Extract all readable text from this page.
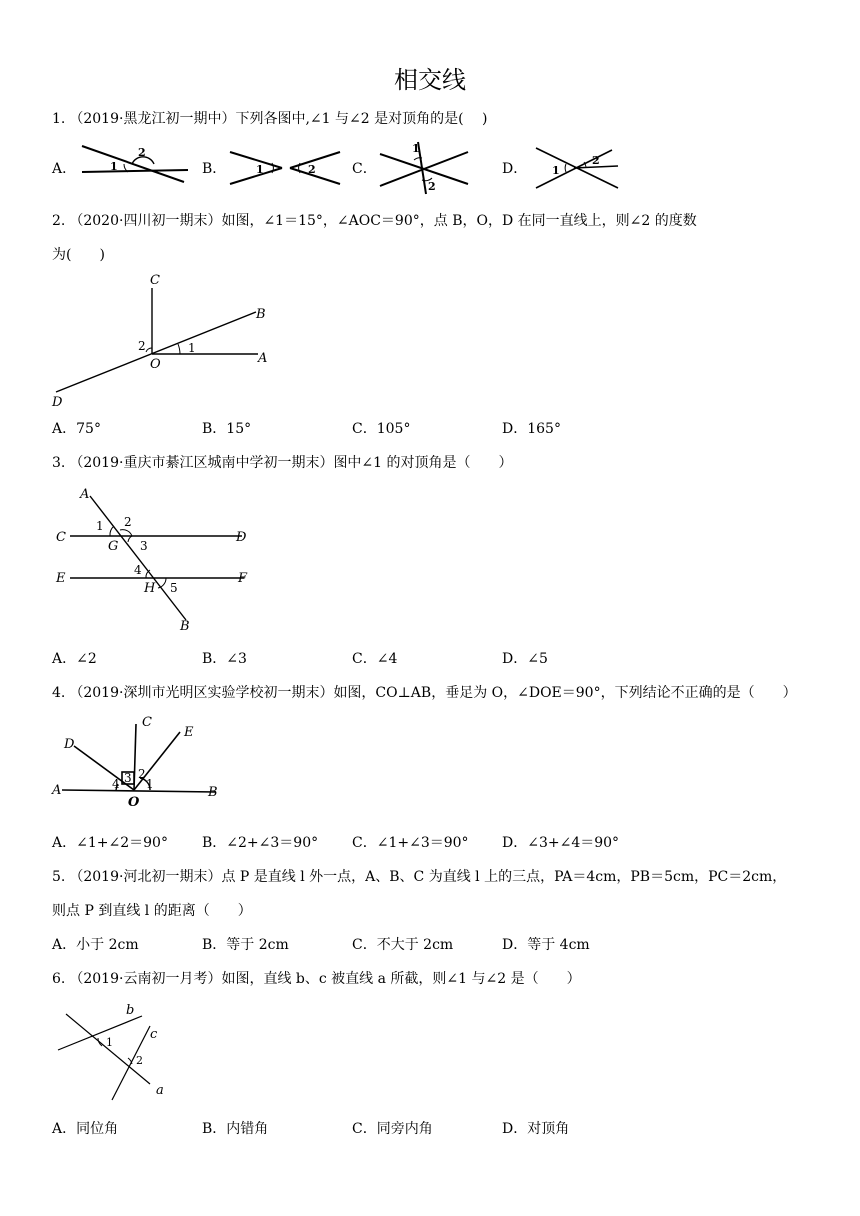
相交线
1. （2019·黑龙江初一期中）下列各图中,∠1 与∠2 是对顶角的是(　 )
A．	B．	C．	D．
1
2
1	2
1
2
1
2
2. （2020·四川初一期末）如图，∠1＝15°，∠AOC＝90°，点 B，O，D 在同一直线上，则∠2 的度数
为(　　)
C
B
A
O
D
1
2
A．75°	B．15°	C．105°	D．165°
3. （2019·重庆市綦江区城南中学初一期末）图中∠1 的对顶角是（　　）
A
B
C	D
E	F
G
H
1 2
3
4
5
A．∠2	B．∠3	C．∠4	D．∠5
4. （2019·深圳市光明区实验学校初一期末）如图，CO⊥AB，垂足为 O，∠DOE＝90°，下列结论不正确的是（　　）
C
D
E
A	B
O
1
2
3
4
A．∠1+∠2＝90° B．∠2+∠3＝90° C．∠1+∠3＝90° D．∠3+∠4＝90°
5. （2019·河北初一期末）点 P 是直线 l 外一点，A、B、C 为直线 l 上的三点，PA＝4cm，PB＝5cm，PC＝2cm，
则点 P 到直线 l 的距离（　　）
A．小于 2cm	B．等于 2cm	C．不大于 2cm	D．等于 4cm
6. （2019·云南初一月考）如图，直线 b、c 被直线 a 所截，则∠1 与∠2 是（　　）
b
c
a
1
2
A．同位角	B．内错角	C．同旁内角	D．对顶角
